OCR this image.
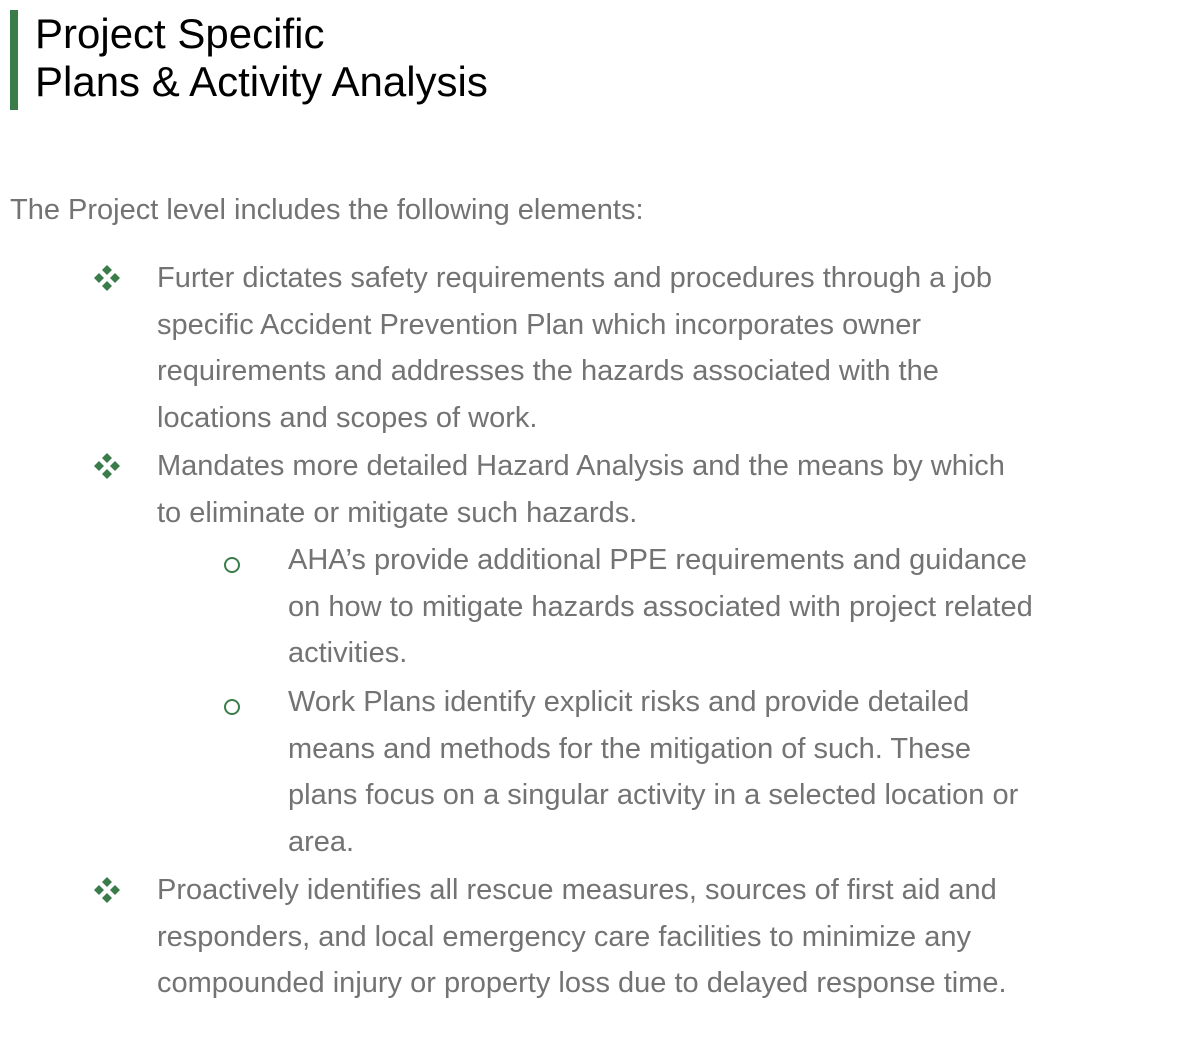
Project Specific
Plans & Activity Analysis
The Project level includes the following elements:
Furter dictates safety requirements and procedures through a job
specific Accident Prevention Plan which incorporates owner
requirements and addresses the hazards associated with the
locations and scopes of work.
Mandates more detailed Hazard Analysis and the means by which
to eliminate or mitigate such hazards.
AHA’s provide additional PPE requirements and guidance
on how to mitigate hazards associated with project related
activities.
Work Plans identify explicit risks and provide detailed
means and methods for the mitigation of such. These
plans focus on a singular activity in a selected location or
area.
Proactively identifies all rescue measures, sources of first aid and
responders, and local emergency care facilities to minimize any
compounded injury or property loss due to delayed response time.
